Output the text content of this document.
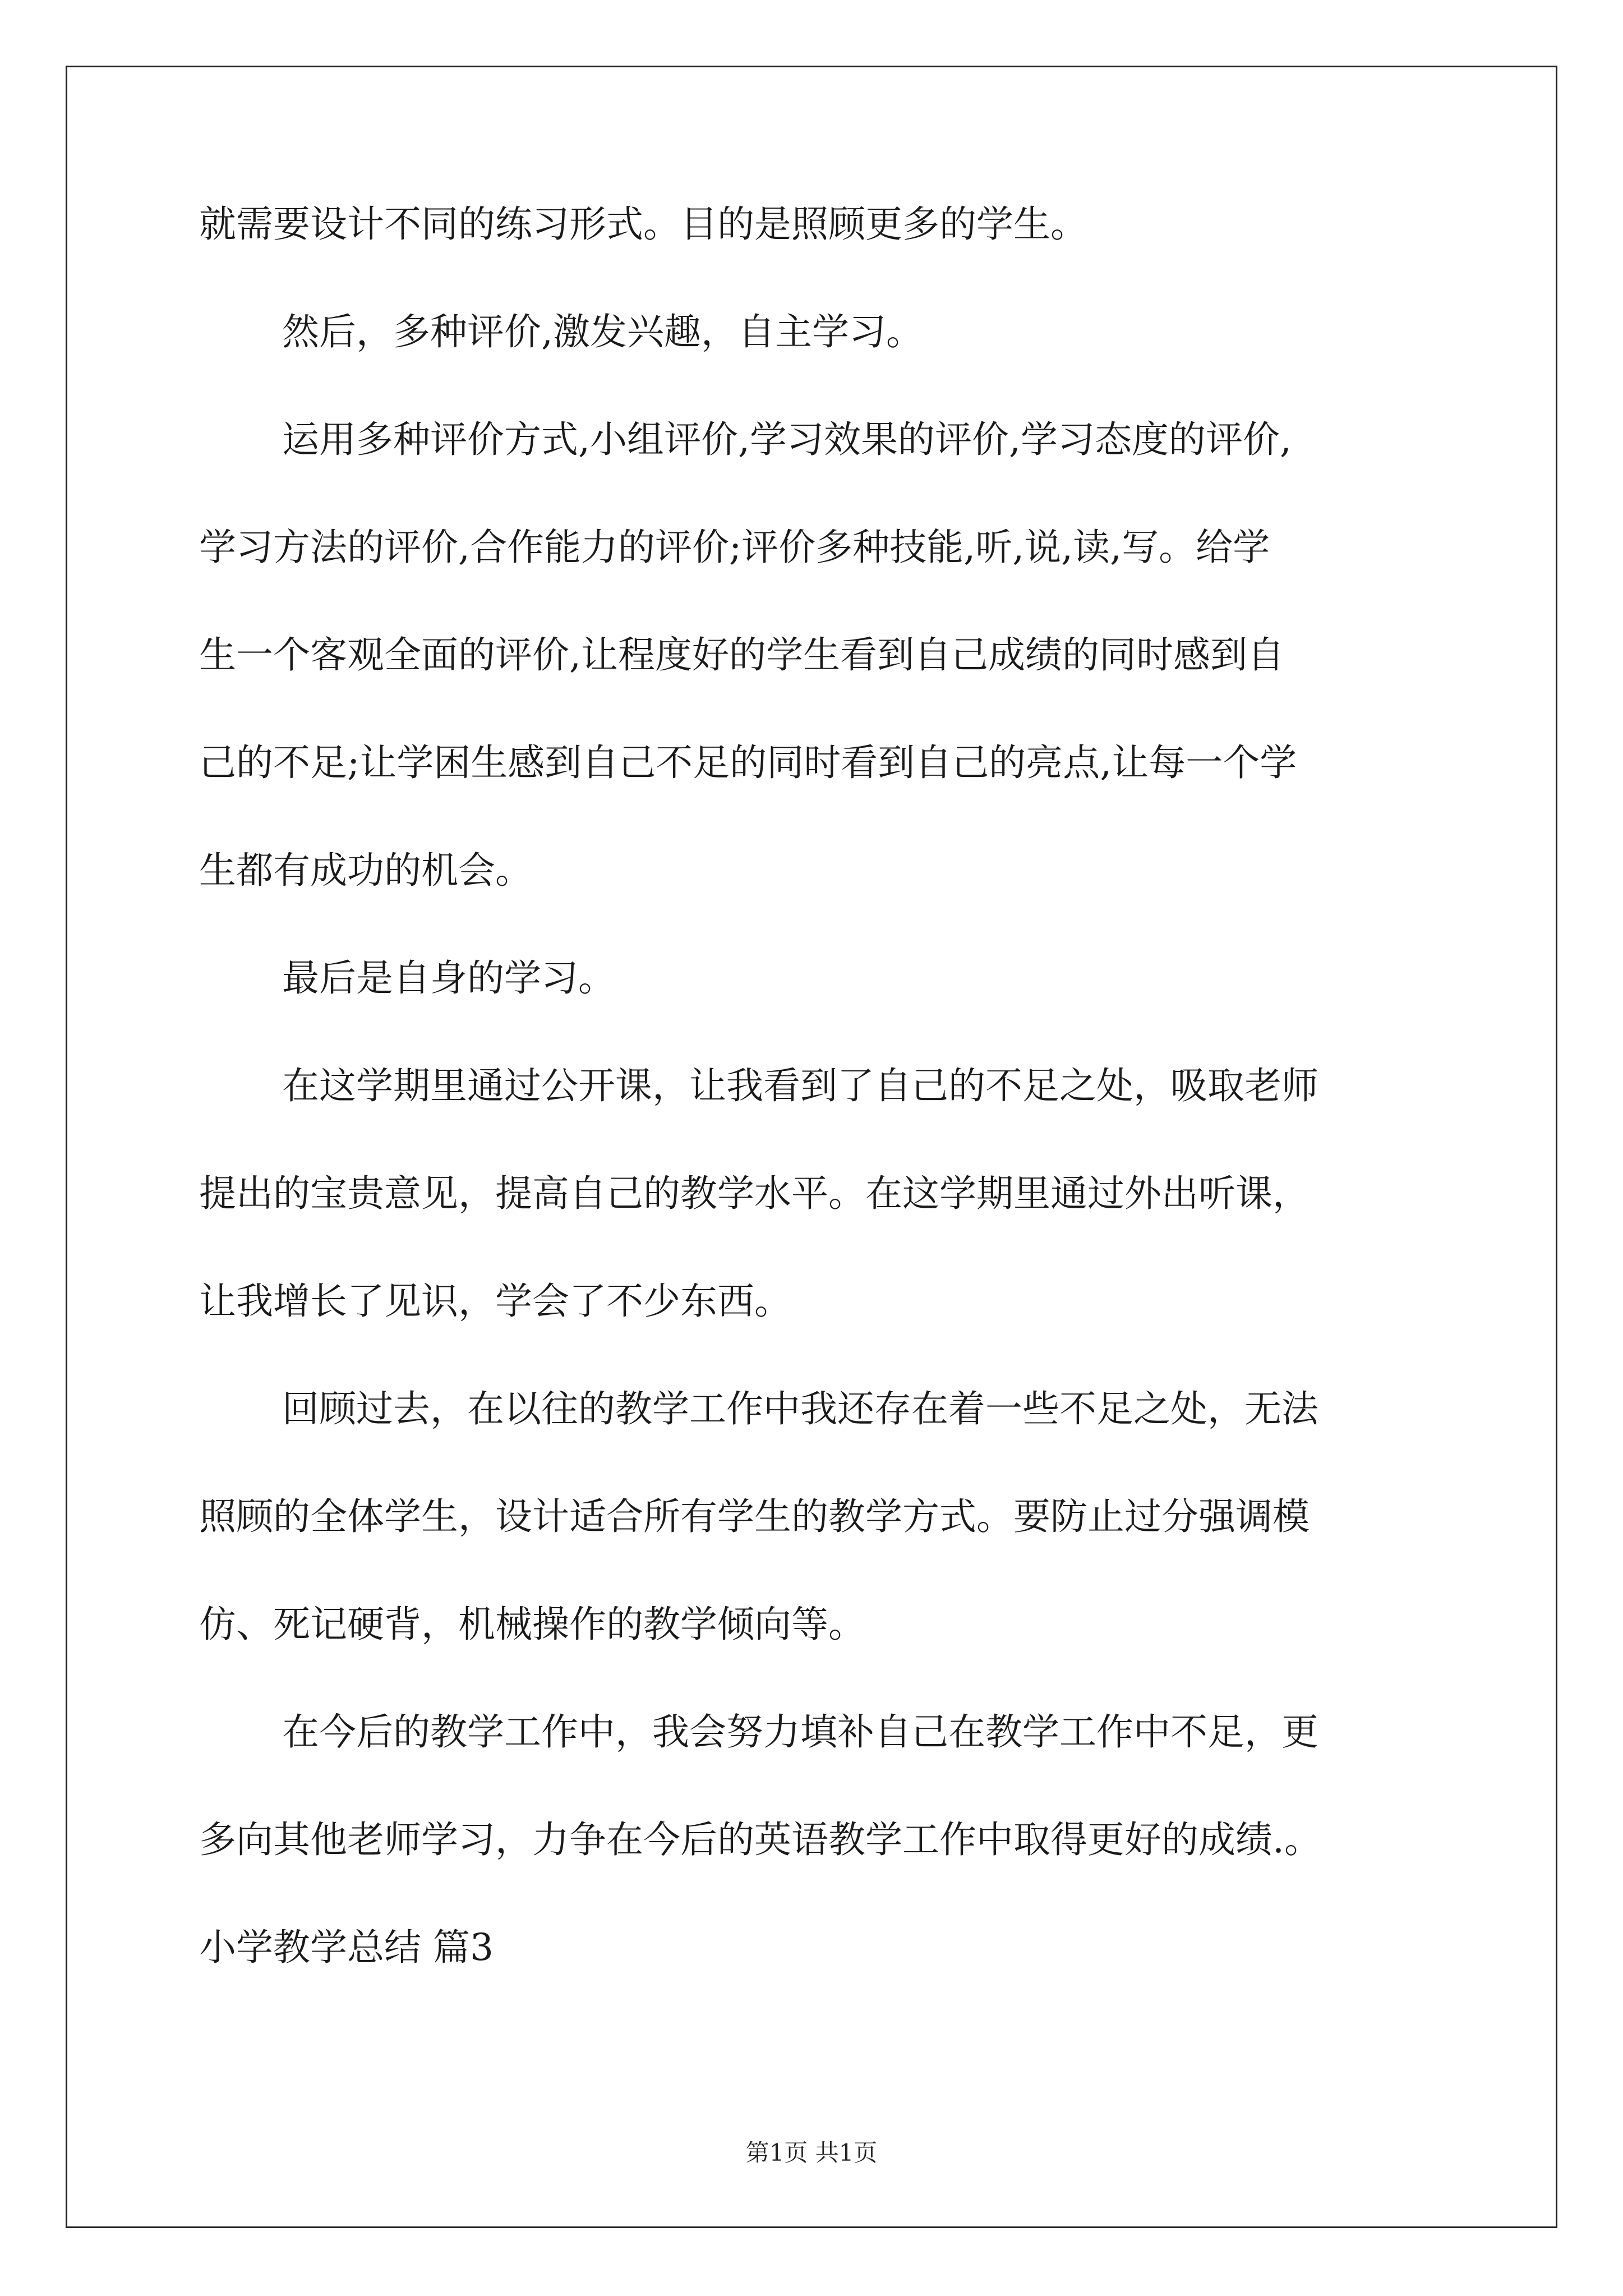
就需要设计不同的练习形式。目的是照顾更多的学生。
然后，多种评价,激发兴趣，自主学习。
运用多种评价方式,小组评价,学习效果的评价,学习态度的评价,
学习方法的评价,合作能力的评价;评价多种技能,听,说,读,写。给学
生一个客观全面的评价,让程度好的学生看到自己成绩的同时感到自
己的不足;让学困生感到自己不足的同时看到自己的亮点,让每一个学
生都有成功的机会。
最后是自身的学习。
在这学期里通过公开课，让我看到了自己的不足之处，吸取老师
提出的宝贵意见，提高自己的教学水平。在这学期里通过外出听课，
让我增长了见识，学会了不少东西。
回顾过去，在以往的教学工作中我还存在着一些不足之处，无法
照顾的全体学生，设计适合所有学生的教学方式。要防止过分强调模
仿、死记硬背，机械操作的教学倾向等。
在今后的教学工作中，我会努力填补自己在教学工作中不足，更
多向其他老师学习，力争在今后的英语教学工作中取得更好的成绩.。
小学教学总结 篇3
第1页 共1页
